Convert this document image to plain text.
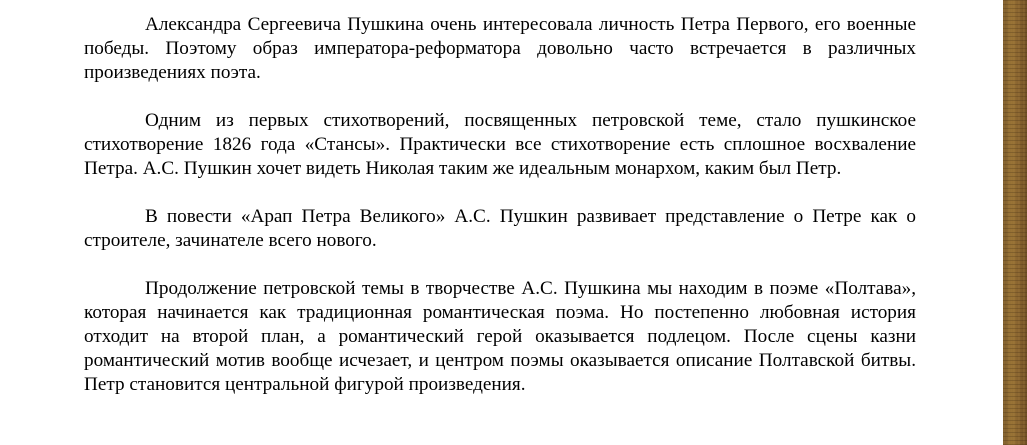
Александра Сергеевича Пушкина очень интересовала личность Петра Первого, его военные победы. Поэтому образ императора-реформатора довольно часто встречается в различных произведениях поэта.

Одним из первых стихотворений, посвященных петровской теме, стало пушкинское стихотворение 1826 года «Стансы». Практически все стихотворение есть сплошное восхваление Петра. А.С. Пушкин хочет видеть Николая таким же идеальным монархом, каким был Петр.

В повести «Арап Петра Великого» А.С. Пушкин развивает представление о Петре как о строителе, зачинателе всего нового.

Продолжение петровской темы в творчестве А.С. Пушкина мы находим в поэме «Полтава», которая начинается как традиционная романтическая поэма. Но постепенно любовная история отходит на второй план, а романтический герой оказывается подлецом. После сцены казни романтический мотив вообще исчезает, и центром поэмы оказывается описание Полтавской битвы. Петр становится центральной фигурой произведения.
